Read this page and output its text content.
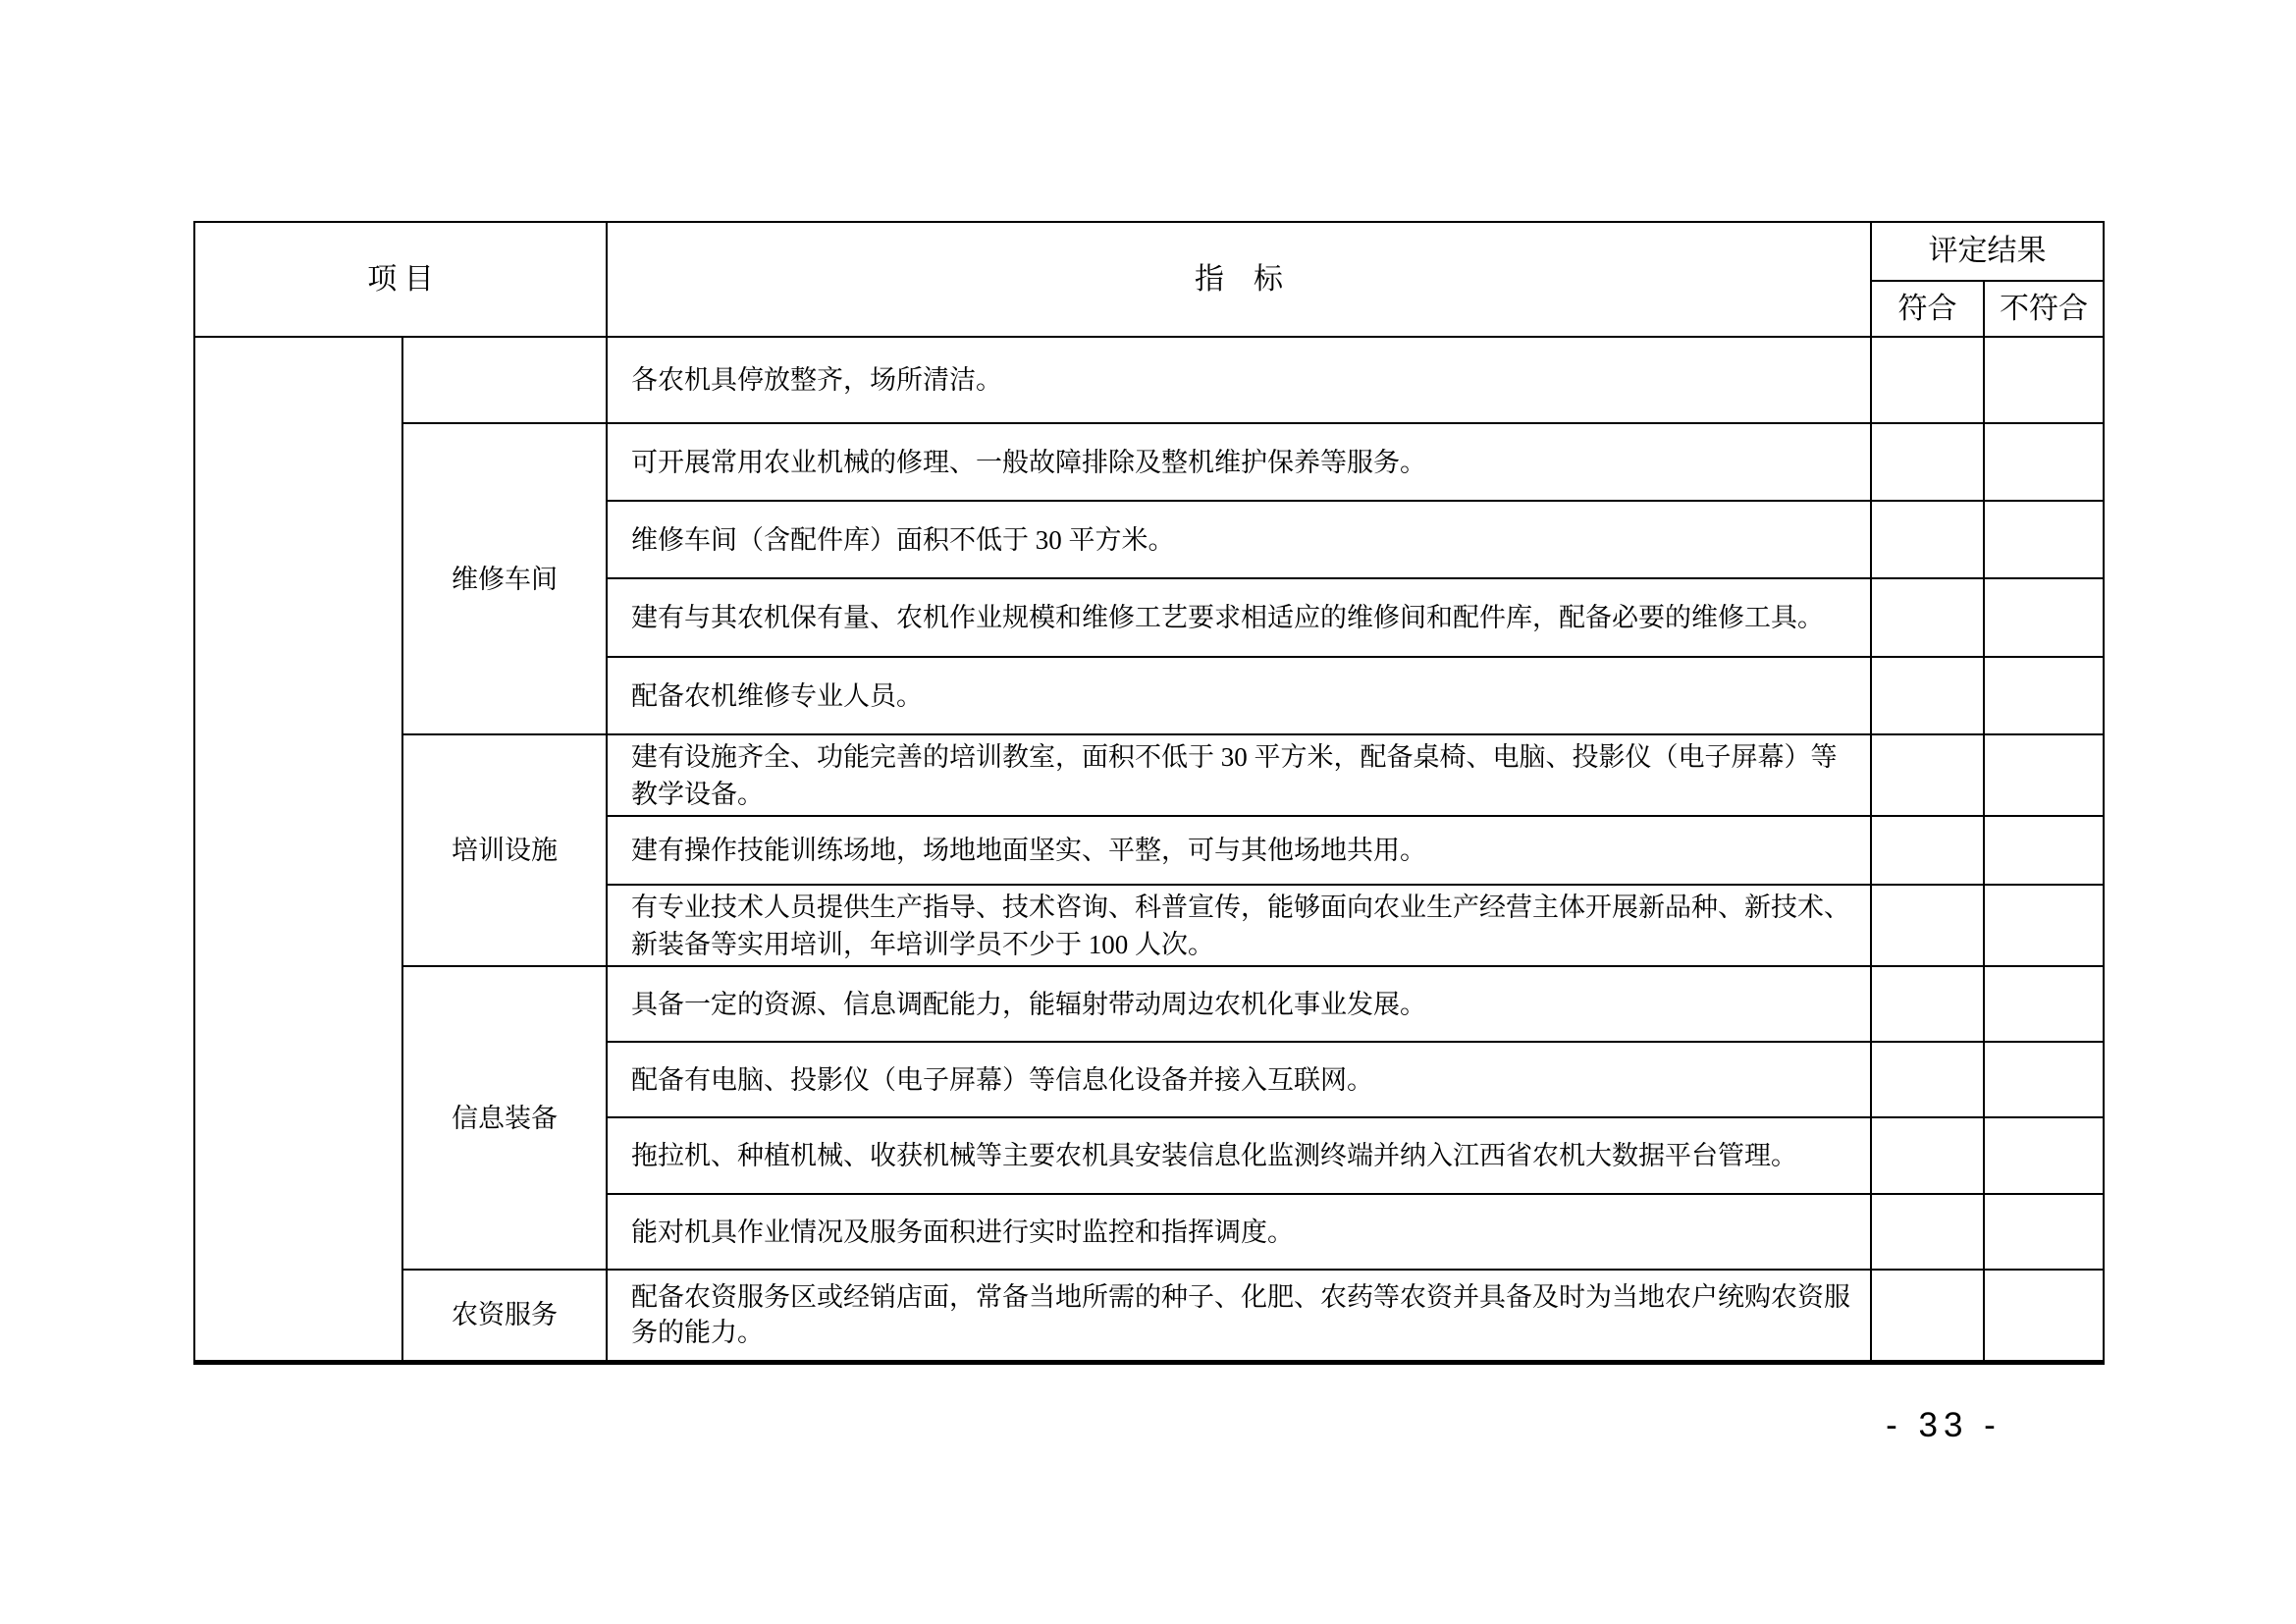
项 目		指　标	评定结果	
			符合	不符合
		各农机具停放整齐，场所清洁。		
	维修车间	可开展常用农业机械的修理、一般故障排除及整机维护保养等服务。		
		维修车间（含配件库）面积不低于 30 平方米。		
		建有与其农机保有量、农机作业规模和维修工艺要求相适应的维修间和配件库，配备必要的维修工具。		
		配备农机维修专业人员。		
	培训设施	建有设施齐全、功能完善的培训教室，面积不低于 30 平方米，配备桌椅、电脑、投影仪（电子屏幕）等教学设备。		
		建有操作技能训练场地，场地地面坚实、平整，可与其他场地共用。		
		有专业技术人员提供生产指导、技术咨询、科普宣传，能够面向农业生产经营主体开展新品种、新技术、新装备等实用培训，年培训学员不少于 100 人次。		
	信息装备	具备一定的资源、信息调配能力，能辐射带动周边农机化事业发展。		
		配备有电脑、投影仪（电子屏幕）等信息化设备并接入互联网。		
		拖拉机、种植机械、收获机械等主要农机具安装信息化监测终端并纳入江西省农机大数据平台管理。		
		能对机具作业情况及服务面积进行实时监控和指挥调度。		
	农资服务	配备农资服务区或经销店面，常备当地所需的种子、化肥、农药等农资并具备及时为当地农户统购农资服务的能力。		
- 33 -
